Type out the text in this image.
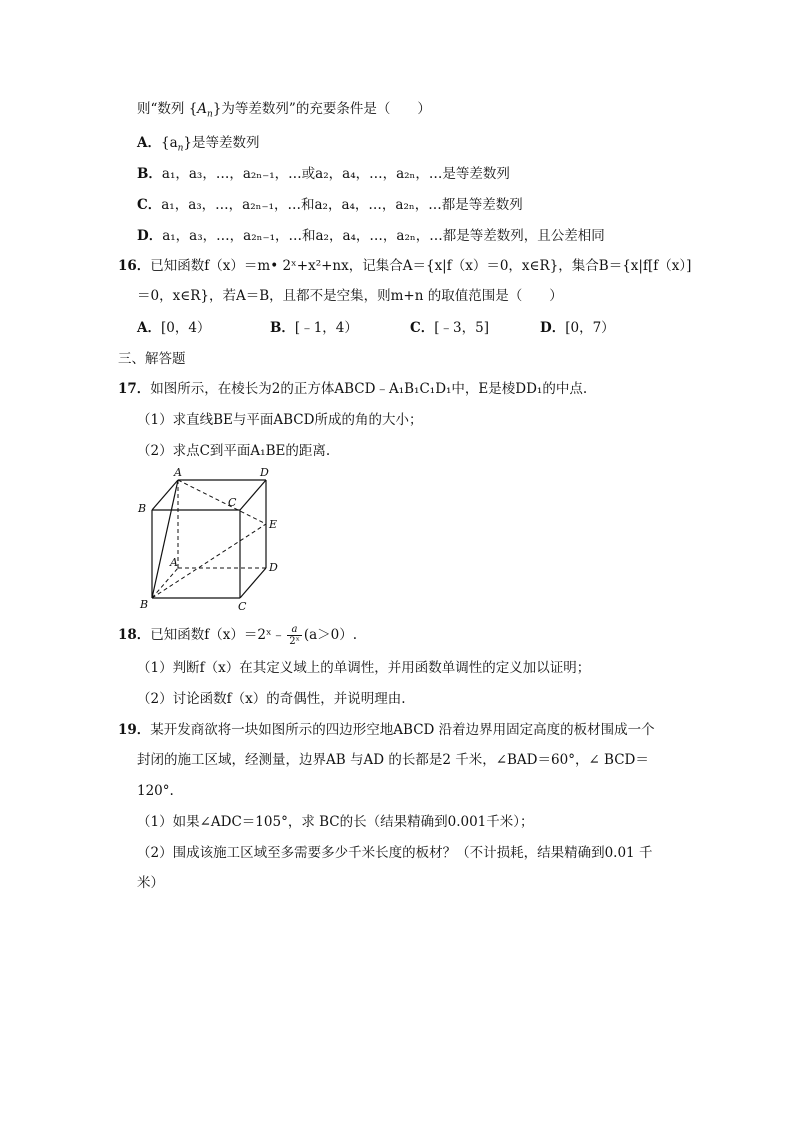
则“数列 $\{A_n\}$为等差数列”的充要条件是（　　）
A．$\{a_n\}$是等差数列
B．a₁，a₃，…，a₂ₙ₋₁，…或a₂，a₄，…，a₂ₙ，…是等差数列
C．a₁，a₃，…，a₂ₙ₋₁，…和a₂，a₄，…，a₂ₙ，…都是等差数列
D．a₁，a₃，…，a₂ₙ₋₁，…和a₂，a₄，…，a₂ₙ，…都是等差数列，且公差相同
16．已知函数f（x）＝m• 2ˣ+x²+nx，记集合A＝{x|f（x）＝0，x∈R}，集合B＝{x|f[f（x）]
＝0，x∈R}，若A＝B，且都不是空集，则m+n 的取值范围是（　　）
A．[0，4）	B．[﹣1，4）	C．[﹣3，5]	D．[0，7）
三、解答题
17．如图所示，在棱长为2的正方体ABCD﹣A₁B₁C₁D₁中，E是棱DD₁的中点.
（1）求直线BE与平面ABCD所成的角的大小；
（2）求点C到平面A₁BE的距离.
A	D
B	C
E
A	D
B	C
18．已知函数f（x）＝2ˣ﹣ $\frac{a}{\text{2ˣ}} (a>0)$.
（1）判断f（x）在其定义域上的单调性，并用函数单调性的定义加以证明；
（2）讨论函数f（x）的奇偶性，并说明理由.
19．某开发商欲将一块如图所示的四边形空地ABCD 沿着边界用固定高度的板材围成一个
封闭的施工区域，经测量，边界AB 与AD 的长都是2 千米，∠BAD＝60°，∠ BCD＝
120°.
（1）如果∠ADC＝105°，求 BC的长（结果精确到0.001千米）；
（2）围成该施工区域至多需要多少千米长度的板材？（不计损耗，结果精确到0.01 千
米）
